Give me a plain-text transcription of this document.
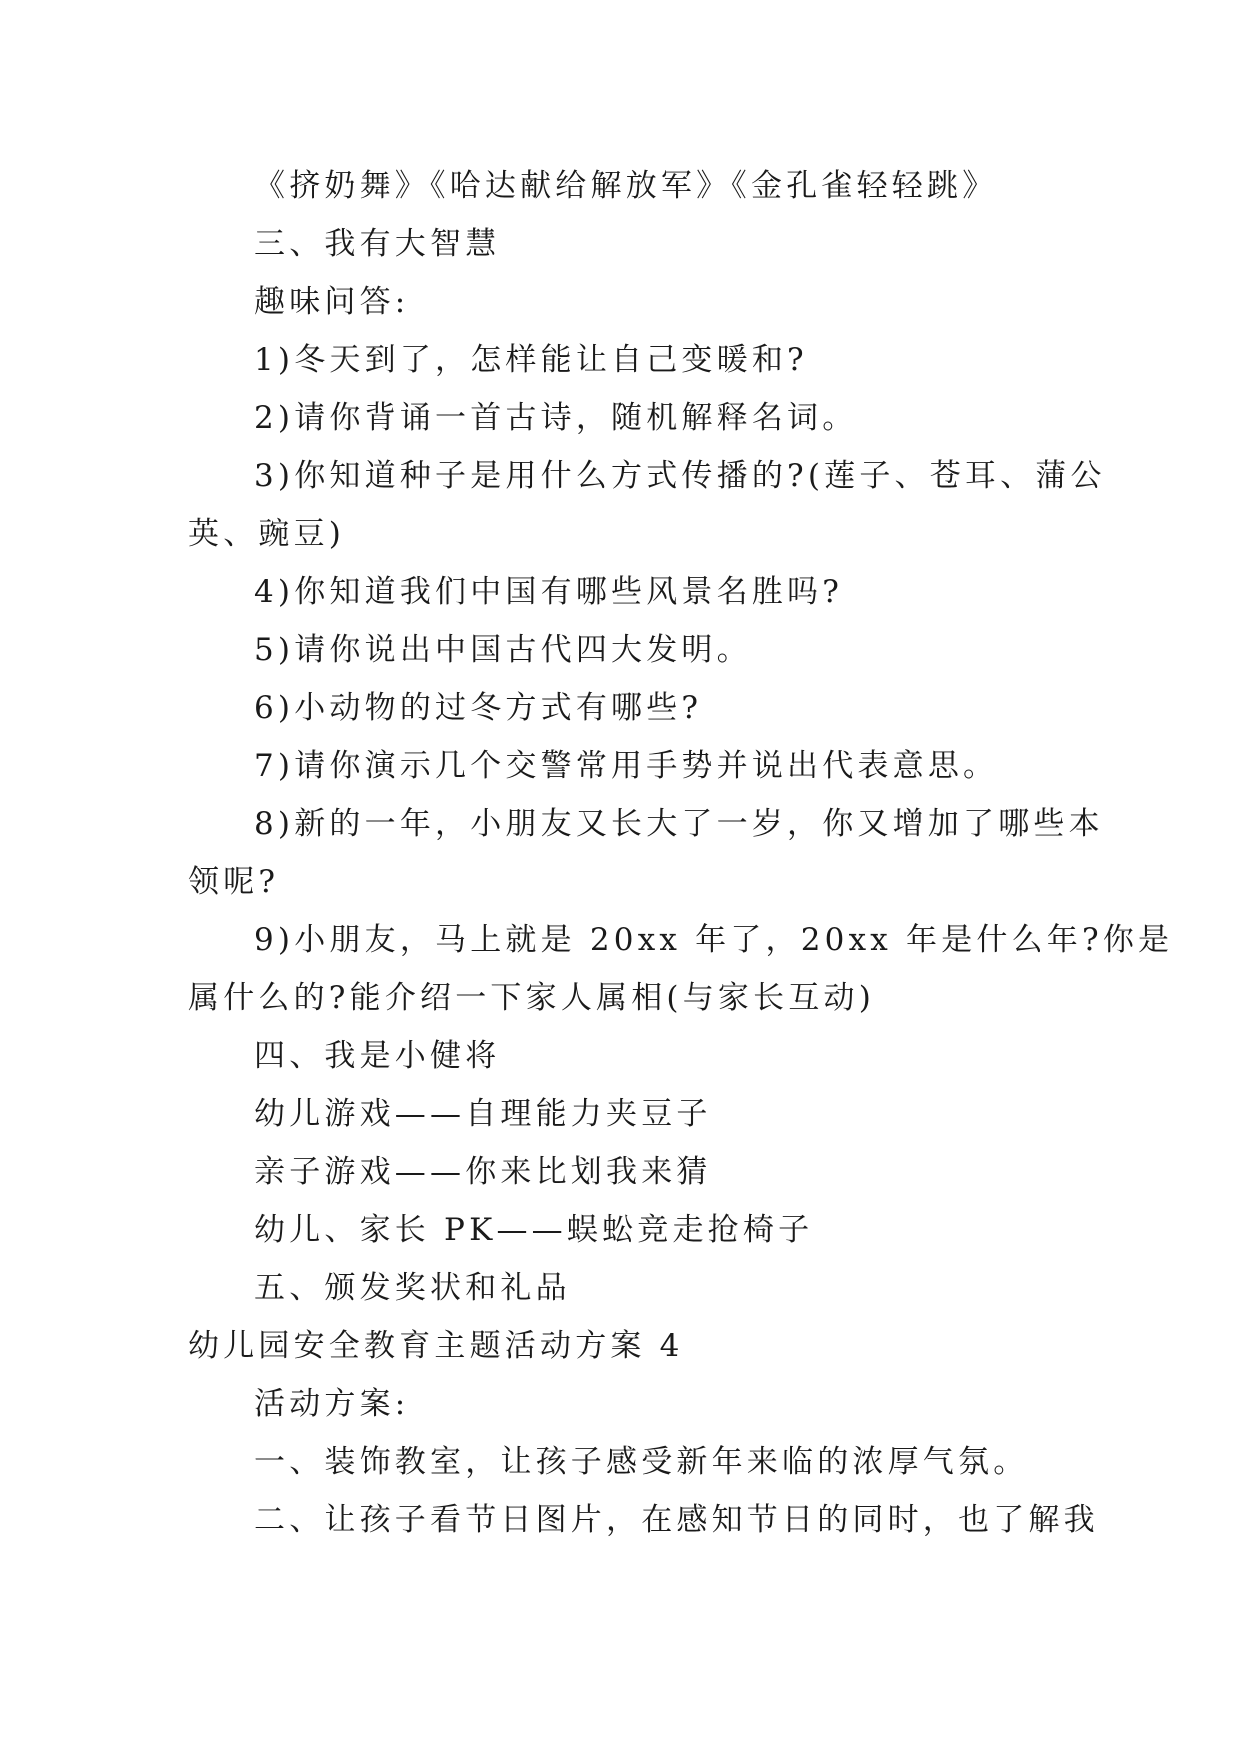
《挤奶舞》《哈达献给解放军》《金孔雀轻轻跳》

三、我有大智慧

趣味问答:

1)冬天到了，怎样能让自己变暖和?

2)请你背诵一首古诗，随机解释名词。

3)你知道种子是用什么方式传播的?(莲子、苍耳、蒲公

英、豌豆)

4)你知道我们中国有哪些风景名胜吗?

5)请你说出中国古代四大发明。

6)小动物的过冬方式有哪些?

7)请你演示几个交警常用手势并说出代表意思。

8)新的一年，小朋友又长大了一岁，你又增加了哪些本

领呢?

9)小朋友，马上就是 20xx 年了，20xx 年是什么年?你是

属什么的?能介绍一下家人属相(与家长互动)

四、我是小健将

幼儿游戏——自理能力夹豆子

亲子游戏——你来比划我来猜

幼儿、家长 PK——蜈蚣竞走抢椅子

五、颁发奖状和礼品

幼儿园安全教育主题活动方案 4

活动方案:

一、装饰教室，让孩子感受新年来临的浓厚气氛。

二、让孩子看节日图片，在感知节日的同时，也了解我
